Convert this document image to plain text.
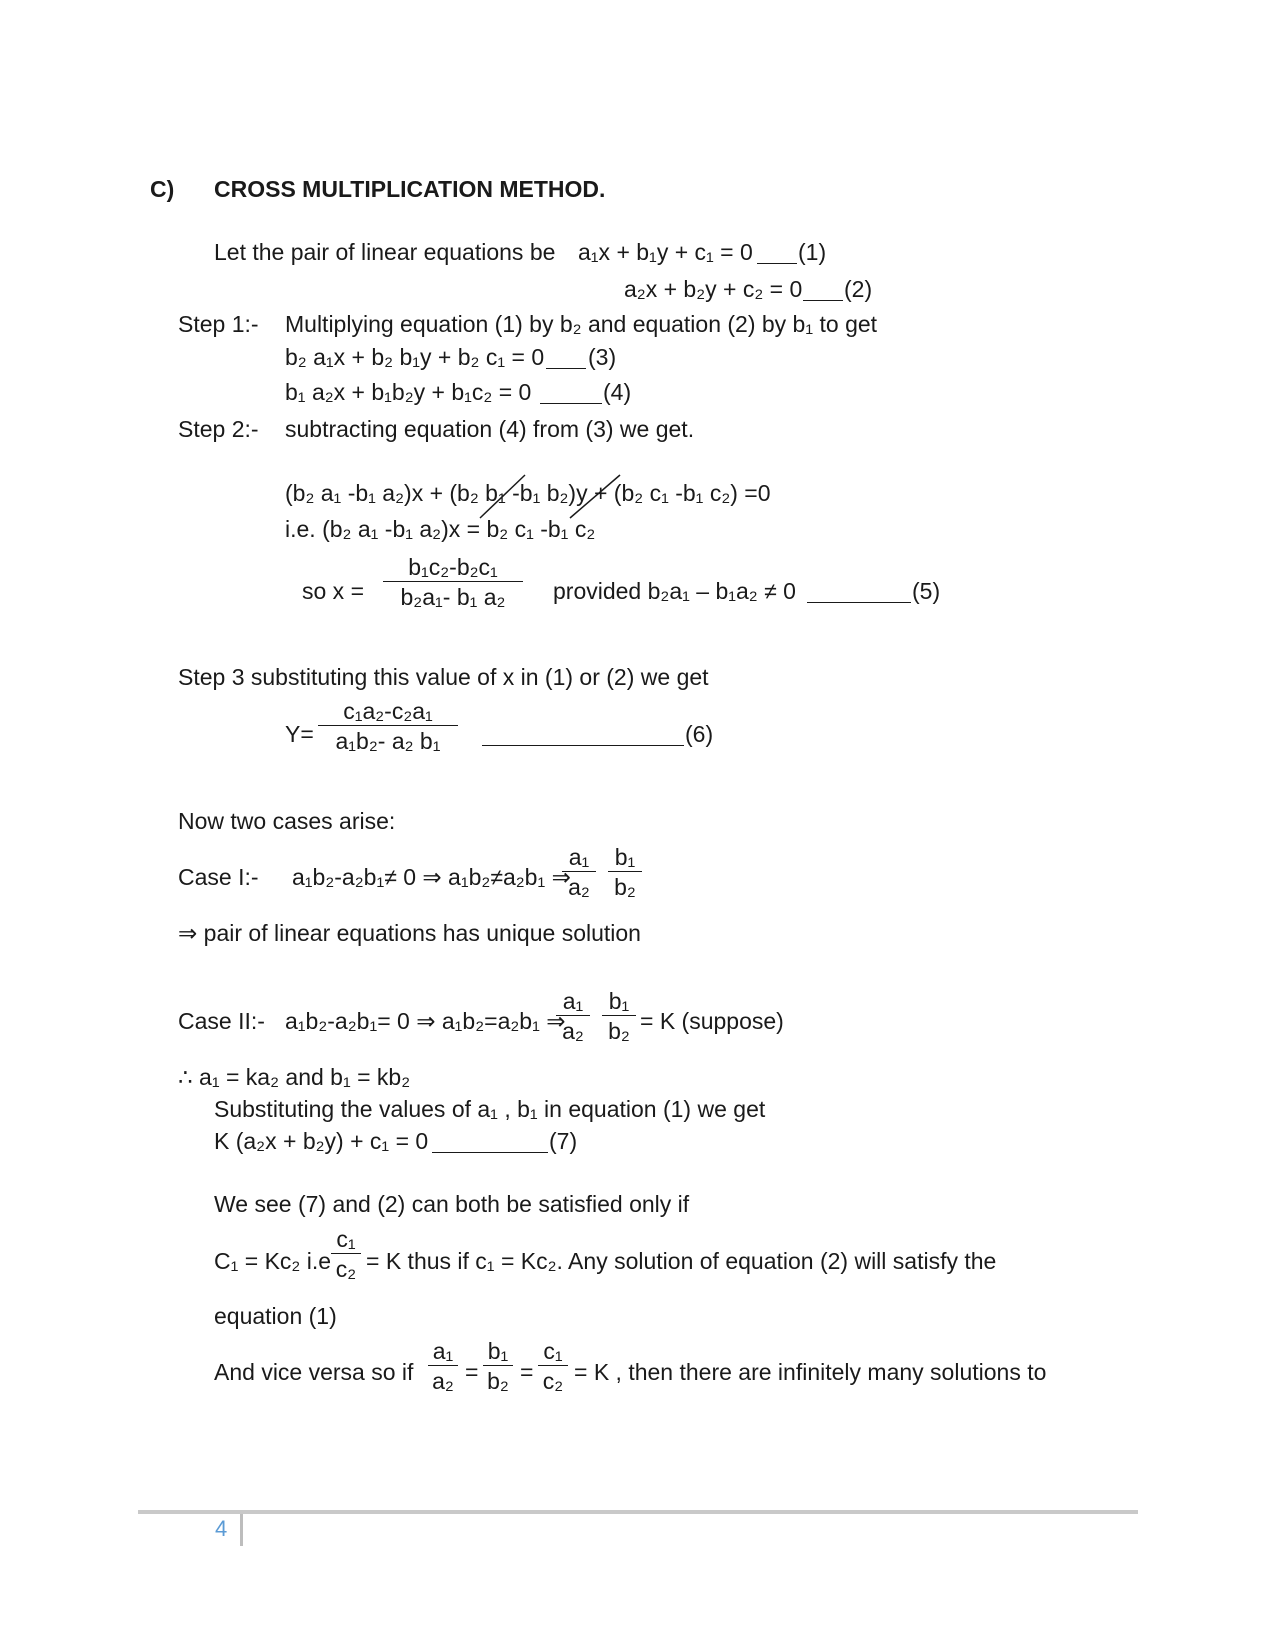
C) CROSS MULTIPLICATION METHOD.
Let the pair of linear equations be a₁x + b₁y + c₁ = 0 (1)
a₂x + b₂y + c₂ = 0 (2)
Step 1:- Multiplying equation (1) by b₂ and equation (2) by b₁ to get
b₂ a₁x + b₂ b₁y + b₂ c₁ = 0 (3)
b₁ a₂x + b₁b₂y + b₁c₂ = 0	(4)
Step 2:- subtracting equation (4) from (3) we get.
(b₂ a₁ -b₁ a₂)x + (b₂ b₁ -b₁ b₂)y + (b₂ c₁ -b₁ c₂) =0
i.e. (b₂ a₁ -b₁ a₂)x = b₂ c₁ -b₁ c₂
so $x = \frac{\text{b₁c₂-b₂c₁}}{\text{b₂a₁- b₁ a₂}}$ provided b₂a₁ – b₁a₂ ≠ 0	(5)
Step 3 substituting this value of x in (1) or (2) we get
$Y= \frac{\text{c₁a₂-c₂a₁}}{\text{a₁b₂- a₂ b₁}}$	(6)
Now two cases arise:
Case I:- a₁b₂-a₂b₁≠ 0 ⇒ a₁b₂≠a₂b₁ ⇒
$\frac{\text{a₁}}{\text{a₂}} \frac{\text{b₁}}{\text{b₂}}$
⇒ pair of linear equations has unique solution
Case II:- a₁b₂-a₂b₁= 0 ⇒ a₁b₂=a₂b₁ ⇒
$\frac{\text{a₁}}{\text{a₂}} \frac{\text{b₁}}{\text{b₂}} = K$ (suppose)
∴ a₁ = ka₂ and b₁ = kb₂
Substituting the values of a₁ , b₁ in equation (1) we get
K (a₂x + b₂y) + c₁ = 0	(7)
We see (7) and (2) can both be satisfied only if
C₁ = Kc₂ $i.e \frac{\text{c₁}}{\text{c₂}} = K$ thus if c₁ = Kc₂. Any solution of equation (2) will satisfy the
equation (1)
And vice versa so if $\frac{\text{a₁}}{\text{a₂}} = \frac{\text{b₁}}{\text{b₂}} = \frac{\text{c₁}}{\text{c₂}} = K$ , then there are infinitely many solutions to
4
